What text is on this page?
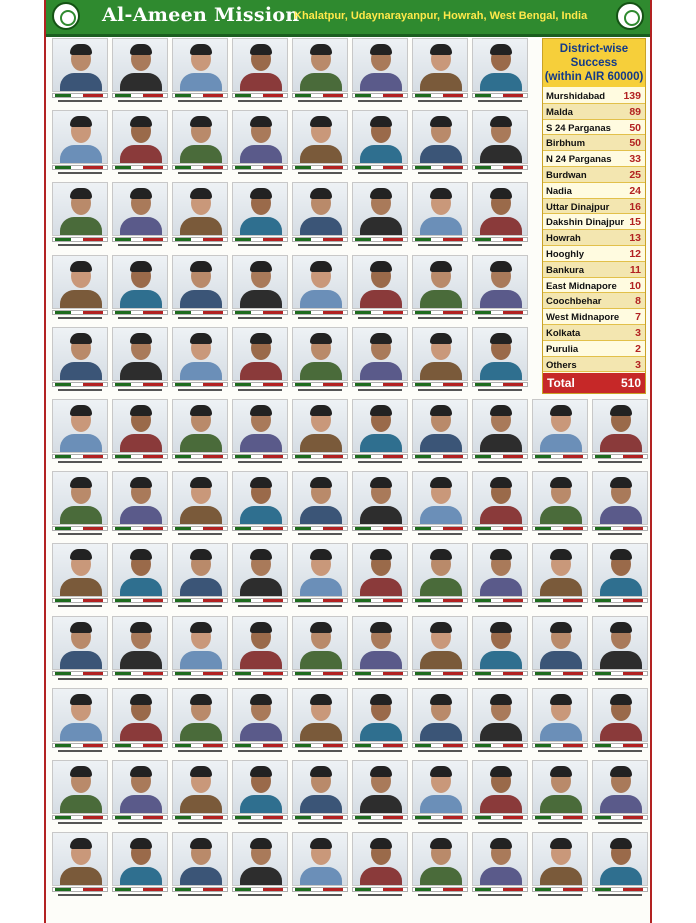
Al-Ameen Mission
Khalatpur, Udaynarayanpur, Howrah, West Bengal, India
District-wise
Success
(within AIR 60000)
Murshidabad 139
Malda	89
S 24 Parganas 50
Birbhum	50
N 24 Parganas 33
Burdwan	25
Nadia	24
Uttar Dinajpur 16
Dakshin Dinajpur 15
Howrah	13
Hooghly	12
Bankura	11
East Midnapore 10
Coochbehar	8
West Midnapore 7
Kolkata	3
Purulia	2
Others	3
Total	510
